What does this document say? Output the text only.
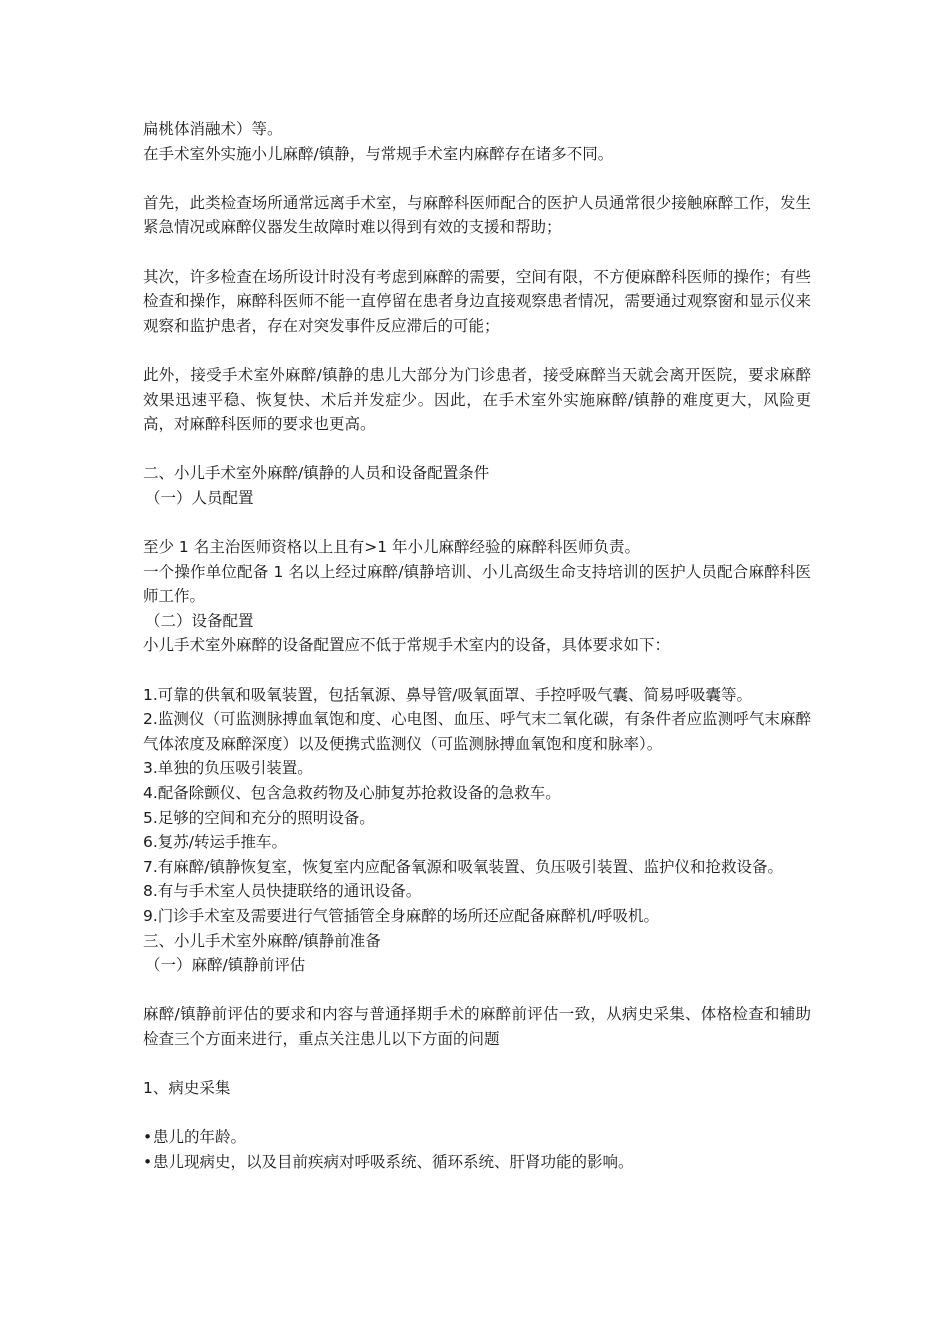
扁桃体消融术）等。

在手术室外实施小儿麻醉/镇静，与常规手术室内麻醉存在诸多不同。

首先，此类检查场所通常远离手术室，与麻醉科医师配合的医护人员通常很少接触麻醉工作，发生紧急情况或麻醉仪器发生故障时难以得到有效的支援和帮助；

其次，许多检查在场所设计时没有考虑到麻醉的需要，空间有限，不方便麻醉科医师的操作；有些检查和操作，麻醉科医师不能一直停留在患者身边直接观察患者情况，需要通过观察窗和显示仪来观察和监护患者，存在对突发事件反应滞后的可能；

此外，接受手术室外麻醉/镇静的患儿大部分为门诊患者，接受麻醉当天就会离开医院，要求麻醉效果迅速平稳、恢复快、术后并发症少。因此，在手术室外实施麻醉/镇静的难度更大，风险更高，对麻醉科医师的要求也更高。

二、小儿手术室外麻醉/镇静的人员和设备配置条件

（一）人员配置

至少 1 名主治医师资格以上且有>1 年小儿麻醉经验的麻醉科医师负责。

一个操作单位配备 1 名以上经过麻醉/镇静培训、小儿高级生命支持培训的医护人员配合麻醉科医师工作。

（二）设备配置

小儿手术室外麻醉的设备配置应不低于常规手术室内的设备，具体要求如下：

1.可靠的供氧和吸氧装置，包括氧源、鼻导管/吸氧面罩、手控呼吸气囊、简易呼吸囊等。

2.监测仪（可监测脉搏血氧饱和度、心电图、血压、呼气末二氧化碳，有条件者应监测呼气末麻醉气体浓度及麻醉深度）以及便携式监测仪（可监测脉搏血氧饱和度和脉率）。

3.单独的负压吸引装置。

4.配备除颤仪、包含急救药物及心肺复苏抢救设备的急救车。

5.足够的空间和充分的照明设备。

6.复苏/转运手推车。

7.有麻醉/镇静恢复室，恢复室内应配备氧源和吸氧装置、负压吸引装置、监护仪和抢救设备。

8.有与手术室人员快捷联络的通讯设备。

9.门诊手术室及需要进行气管插管全身麻醉的场所还应配备麻醉机/呼吸机。

三、小儿手术室外麻醉/镇静前准备

（一）麻醉/镇静前评估

麻醉/镇静前评估的要求和内容与普通择期手术的麻醉前评估一致，从病史采集、体格检查和辅助检查三个方面来进行，重点关注患儿以下方面的问题

1、病史采集

• 患儿的年龄。

• 患儿现病史，以及目前疾病对呼吸系统、循环系统、肝肾功能的影响。
